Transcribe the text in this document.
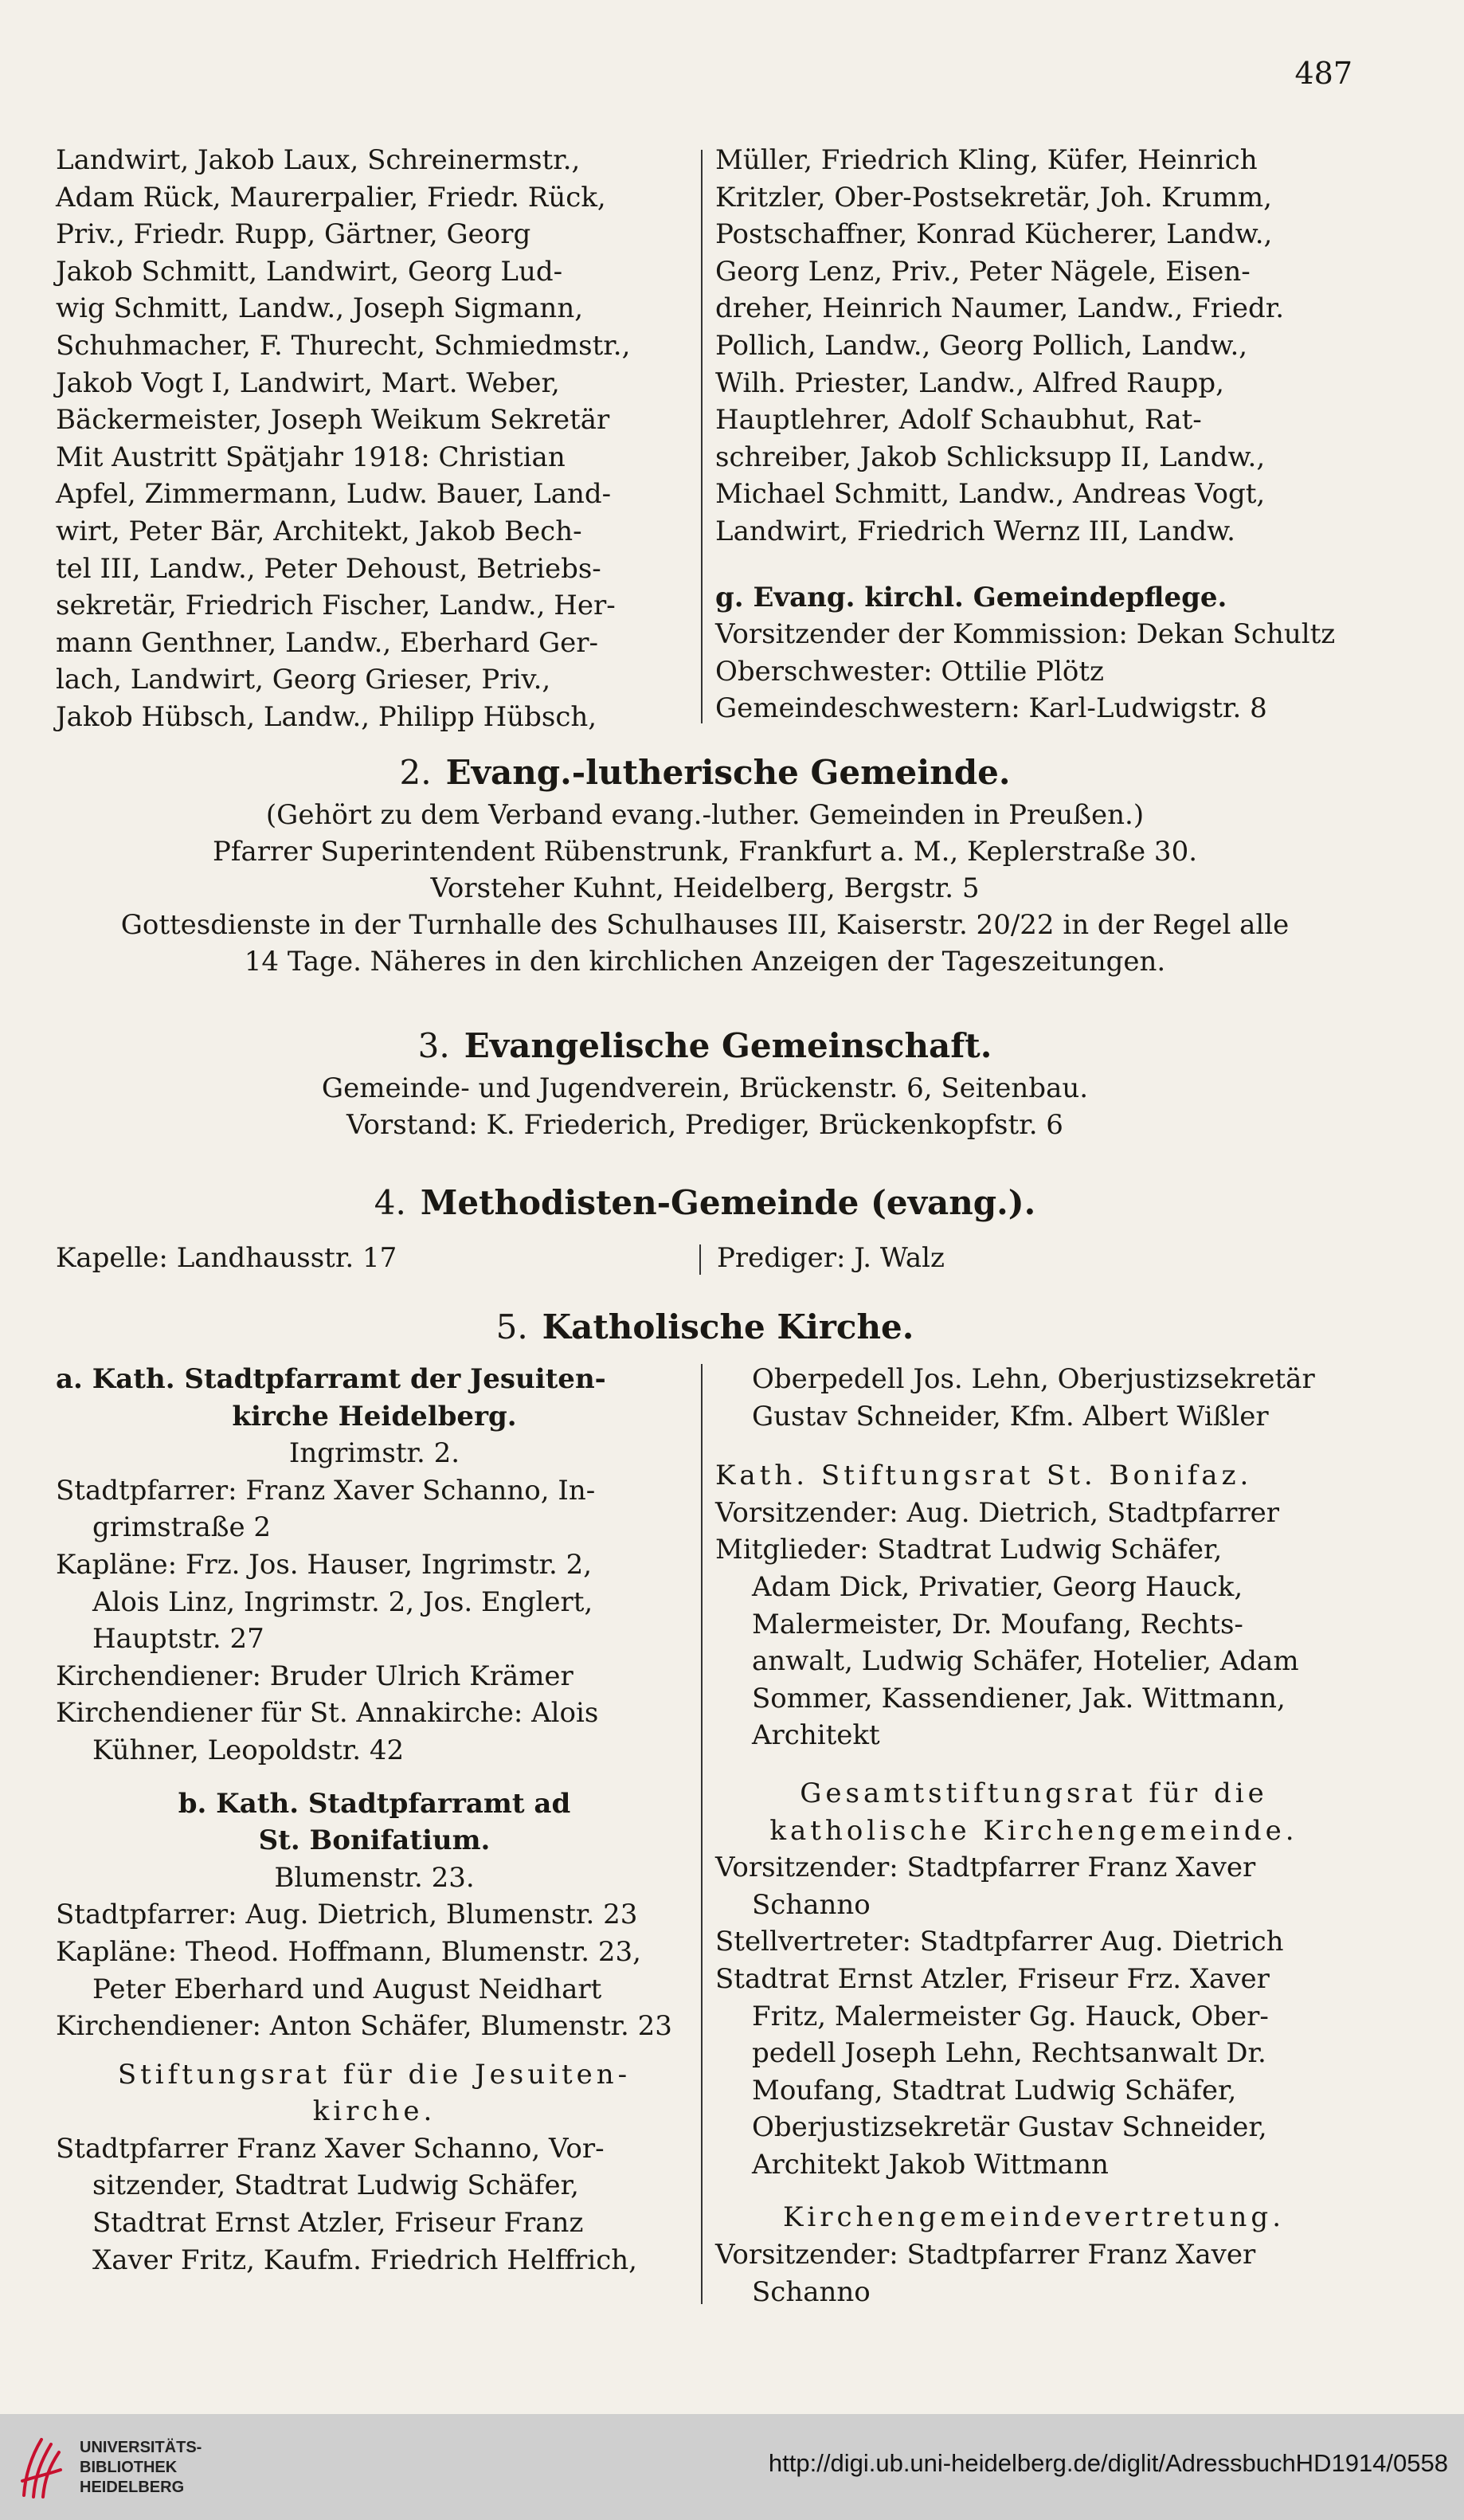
487
Landwirt, Jakob Laux, Schreinermstr.,
Adam Rück, Maurerpalier, Friedr. Rück,
Priv., Friedr. Rupp, Gärtner, Georg
Jakob Schmitt, Landwirt, Georg Lud-
wig Schmitt, Landw., Joseph Sigmann,
Schuhmacher, F. Thurecht, Schmiedmstr.,
Jakob Vogt I, Landwirt, Mart. Weber,
Bäckermeister, Joseph Weikum Sekretär
Mit Austritt Spätjahr 1918: Christian
Apfel, Zimmermann, Ludw. Bauer, Land-
wirt, Peter Bär, Architekt, Jakob Bech-
tel III, Landw., Peter Dehoust, Betriebs-
sekretär, Friedrich Fischer, Landw., Her-
mann Genthner, Landw., Eberhard Ger-
lach, Landwirt, Georg Grieser, Priv.,
Jakob Hübsch, Landw., Philipp Hübsch,
Müller, Friedrich Kling, Küfer, Heinrich
Kritzler, Ober-Postsekretär, Joh. Krumm,
Postschaffner, Konrad Kücherer, Landw.,
Georg Lenz, Priv., Peter Nägele, Eisen-
dreher, Heinrich Naumer, Landw., Friedr.
Pollich, Landw., Georg Pollich, Landw.,
Wilh. Priester, Landw., Alfred Raupp,
Hauptlehrer, Adolf Schaubhut, Rat-
schreiber, Jakob Schlicksupp II, Landw.,
Michael Schmitt, Landw., Andreas Vogt,
Landwirt, Friedrich Wernz III, Landw.
g. Evang. kirchl. Gemeindepflege.
Vorsitzender der Kommission: Dekan Schultz
Oberschwester: Ottilie Plötz
Gemeindeschwestern: Karl-Ludwigstr. 8
2. Evang.-lutherische Gemeinde.
(Gehört zu dem Verband evang.-luther. Gemeinden in Preußen.)
Pfarrer Superintendent Rübenstrunk, Frankfurt a. M., Keplerstraße 30.
Vorsteher Kuhnt, Heidelberg, Bergstr. 5
Gottesdienste in der Turnhalle des Schulhauses III, Kaiserstr. 20/22 in der Regel alle
14 Tage. Näheres in den kirchlichen Anzeigen der Tageszeitungen.
3. Evangelische Gemeinschaft.
Gemeinde- und Jugendverein, Brückenstr. 6, Seitenbau.
Vorstand: K. Friederich, Prediger, Brückenkopfstr. 6
4. Methodisten-Gemeinde (evang.).
Kapelle: Landhausstr. 17	Prediger: J. Walz
5. Katholische Kirche.
a. Kath. Stadtpfarramt der Jesuiten-
kirche Heidelberg.
Ingrimstr. 2.
Stadtpfarrer: Franz Xaver Schanno, In-
grimstraße 2
Kapläne: Frz. Jos. Hauser, Ingrimstr. 2,
Alois Linz, Ingrimstr. 2, Jos. Englert,
Hauptstr. 27
Kirchendiener: Bruder Ulrich Krämer
Kirchendiener für St. Annakirche: Alois
Kühner, Leopoldstr. 42
b. Kath. Stadtpfarramt ad
St. Bonifatium.
Blumenstr. 23.
Stadtpfarrer: Aug. Dietrich, Blumenstr. 23
Kapläne: Theod. Hoffmann, Blumenstr. 23,
Peter Eberhard und August Neidhart
Kirchendiener: Anton Schäfer, Blumenstr. 23
Stiftungsrat für die Jesuiten-
kirche.
Stadtpfarrer Franz Xaver Schanno, Vor-
sitzender, Stadtrat Ludwig Schäfer,
Stadtrat Ernst Atzler, Friseur Franz
Xaver Fritz, Kaufm. Friedrich Helffrich,
Oberpedell Jos. Lehn, Oberjustizsekretär
Gustav Schneider, Kfm. Albert Wißler
Kath. Stiftungsrat St. Bonifaz.
Vorsitzender: Aug. Dietrich, Stadtpfarrer
Mitglieder: Stadtrat Ludwig Schäfer,
Adam Dick, Privatier, Georg Hauck,
Malermeister, Dr. Moufang, Rechts-
anwalt, Ludwig Schäfer, Hotelier, Adam
Sommer, Kassendiener, Jak. Wittmann,
Architekt
Gesamtstiftungsrat für die
katholische Kirchengemeinde.
Vorsitzender: Stadtpfarrer Franz Xaver
Schanno
Stellvertreter: Stadtpfarrer Aug. Dietrich
Stadtrat Ernst Atzler, Friseur Frz. Xaver
Fritz, Malermeister Gg. Hauck, Ober-
pedell Joseph Lehn, Rechtsanwalt Dr.
Moufang, Stadtrat Ludwig Schäfer,
Oberjustizsekretär Gustav Schneider,
Architekt Jakob Wittmann
Kirchengemeindevertretung.
Vorsitzender: Stadtpfarrer Franz Xaver
Schanno
UNIVERSITÄTS-
BIBLIOTHEK
HEIDELBERG
http://digi.ub.uni-heidelberg.de/diglit/AdressbuchHD1914/0558
